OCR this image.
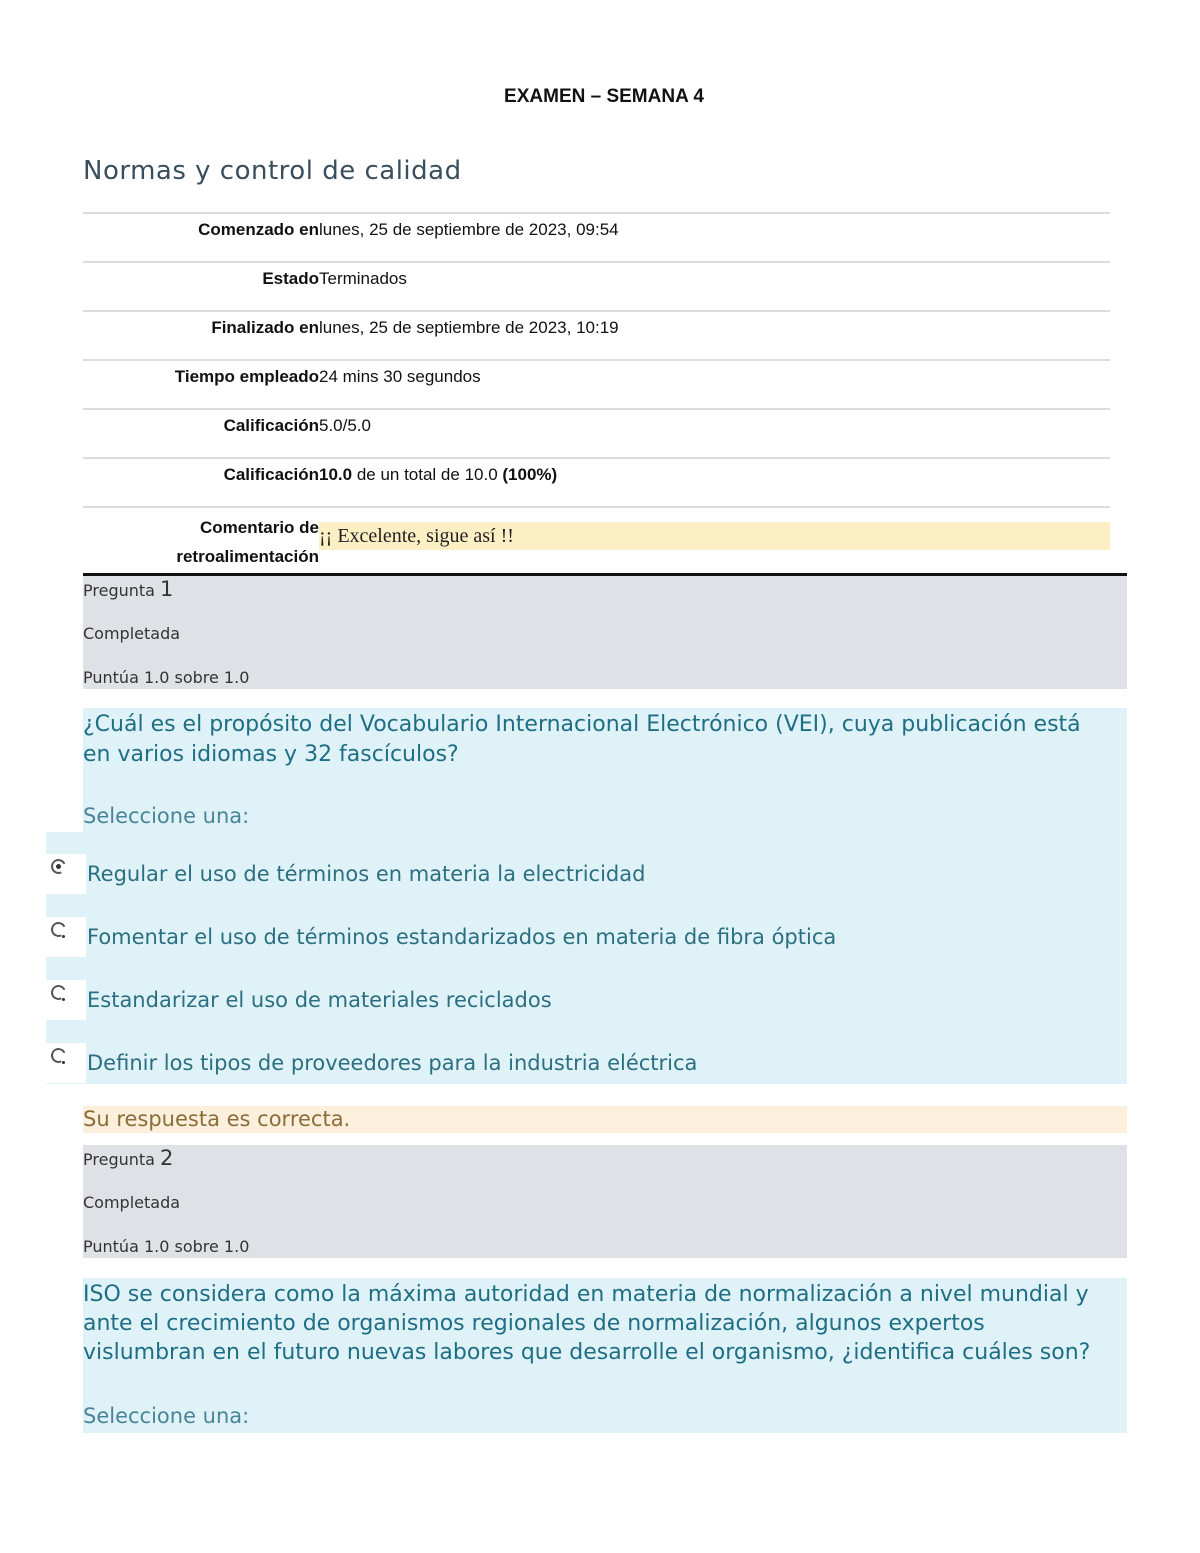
EXAMEN – SEMANA 4
Normas y control de calidad
Comenzado en lunes, 25 de septiembre de 2023, 09:54
Estado Terminados
Finalizado en lunes, 25 de septiembre de 2023, 10:19
Tiempo empleado 24 mins 30 segundos
Calificación 5.0/5.0
Calificación 10.0 de un total de 10.0 (100%)
Comentario de
retroalimentación
¡¡ Excelente, sigue así !!
Pregunta 1
Completada
Puntúa 1.0 sobre 1.0
¿Cuál es el propósito del Vocabulario Internacional Electrónico (VEI), cuya publicación está en varios idiomas y 32 fascículos?
Seleccione una:
Regular el uso de términos en materia la electricidad
Fomentar el uso de términos estandarizados en materia de fibra óptica
Estandarizar el uso de materiales reciclados
Definir los tipos de proveedores para la industria eléctrica
Su respuesta es correcta.
Pregunta 2
Completada
Puntúa 1.0 sobre 1.0
ISO se considera como la máxima autoridad en materia de normalización a nivel mundial y ante el crecimiento de organismos regionales de normalización, algunos expertos vislumbran en el futuro nuevas labores que desarrolle el organismo, ¿identifica cuáles son?
Seleccione una:
